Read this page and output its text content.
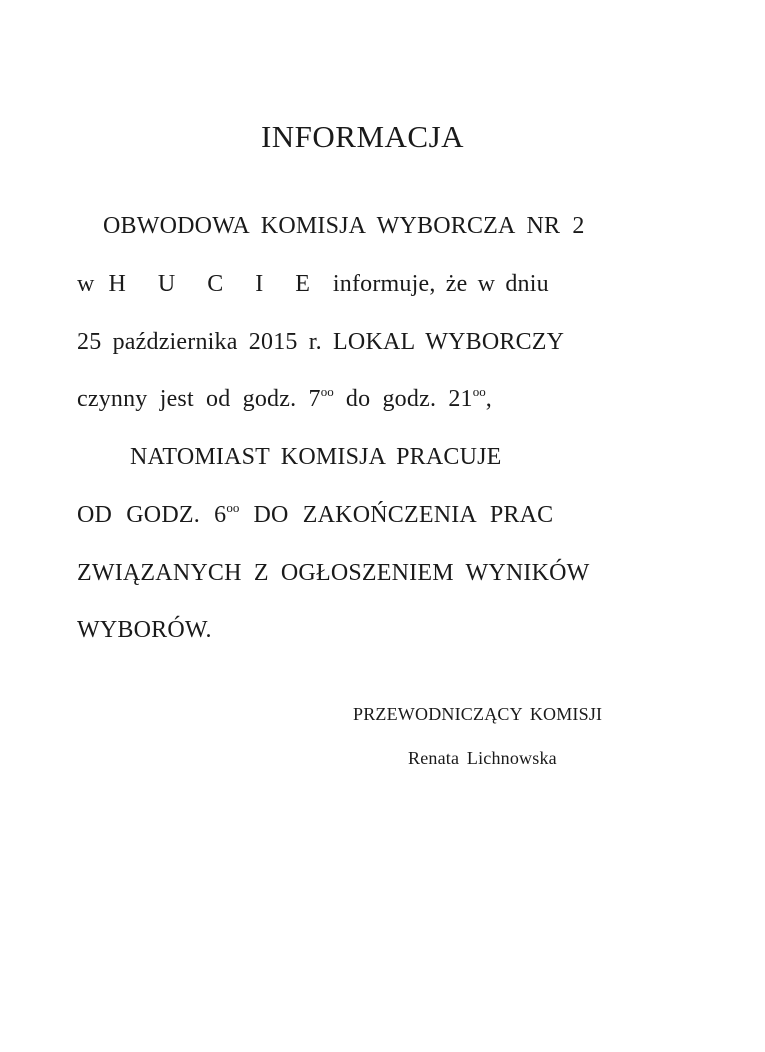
INFORMACJA
OBWODOWA KOMISJA WYBORCZA NR 2
w H U C I E informuje, że w dniu
25 października 2015 r. LOKAL WYBORCZY
czynny jest od godz. $7^{oo}$ do godz. $21^{oo}$,
NATOMIAST KOMISJA PRACUJE
OD GODZ. $6^{oo}$ DO ZAKOŃCZENIA PRAC
ZWIĄZANYCH Z OGŁOSZENIEM WYNIKÓW
WYBORÓW.
PRZEWODNICZĄCY KOMISJI
Renata Lichnowska
